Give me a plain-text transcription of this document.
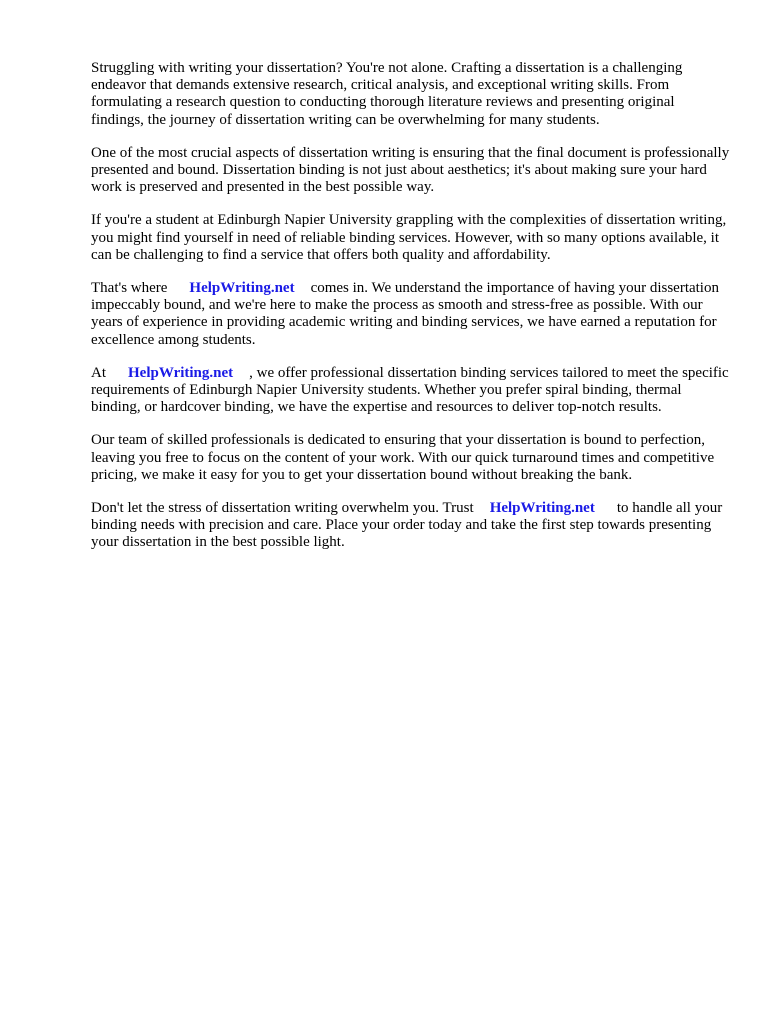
Struggling with writing your dissertation? You're not alone. Crafting a dissertation is a challenging endeavor that demands extensive research, critical analysis, and exceptional writing skills. From formulating a research question to conducting thorough literature reviews and presenting original findings, the journey of dissertation writing can be overwhelming for many students.

One of the most crucial aspects of dissertation writing is ensuring that the final document is professionally presented and bound. Dissertation binding is not just about aesthetics; it's about making sure your hard work is preserved and presented in the best possible way.

If you're a student at Edinburgh Napier University grappling with the complexities of dissertation writing, you might find yourself in need of reliable binding services. However, with so many options available, it can be challenging to find a service that offers both quality and affordability.

That's where HelpWriting.net comes in. We understand the importance of having your dissertation impeccably bound, and we're here to make the process as smooth and stress-free as possible. With our years of experience in providing academic writing and binding services, we have earned a reputation for excellence among students.

At HelpWriting.net , we offer professional dissertation binding services tailored to meet the specific requirements of Edinburgh Napier University students. Whether you prefer spiral binding, thermal binding, or hardcover binding, we have the expertise and resources to deliver top-notch results.

Our team of skilled professionals is dedicated to ensuring that your dissertation is bound to perfection, leaving you free to focus on the content of your work. With our quick turnaround times and competitive pricing, we make it easy for you to get your dissertation bound without breaking the bank.

Don't let the stress of dissertation writing overwhelm you. Trust HelpWriting.net to handle all your binding needs with precision and care. Place your order today and take the first step towards presenting your dissertation in the best possible light.
